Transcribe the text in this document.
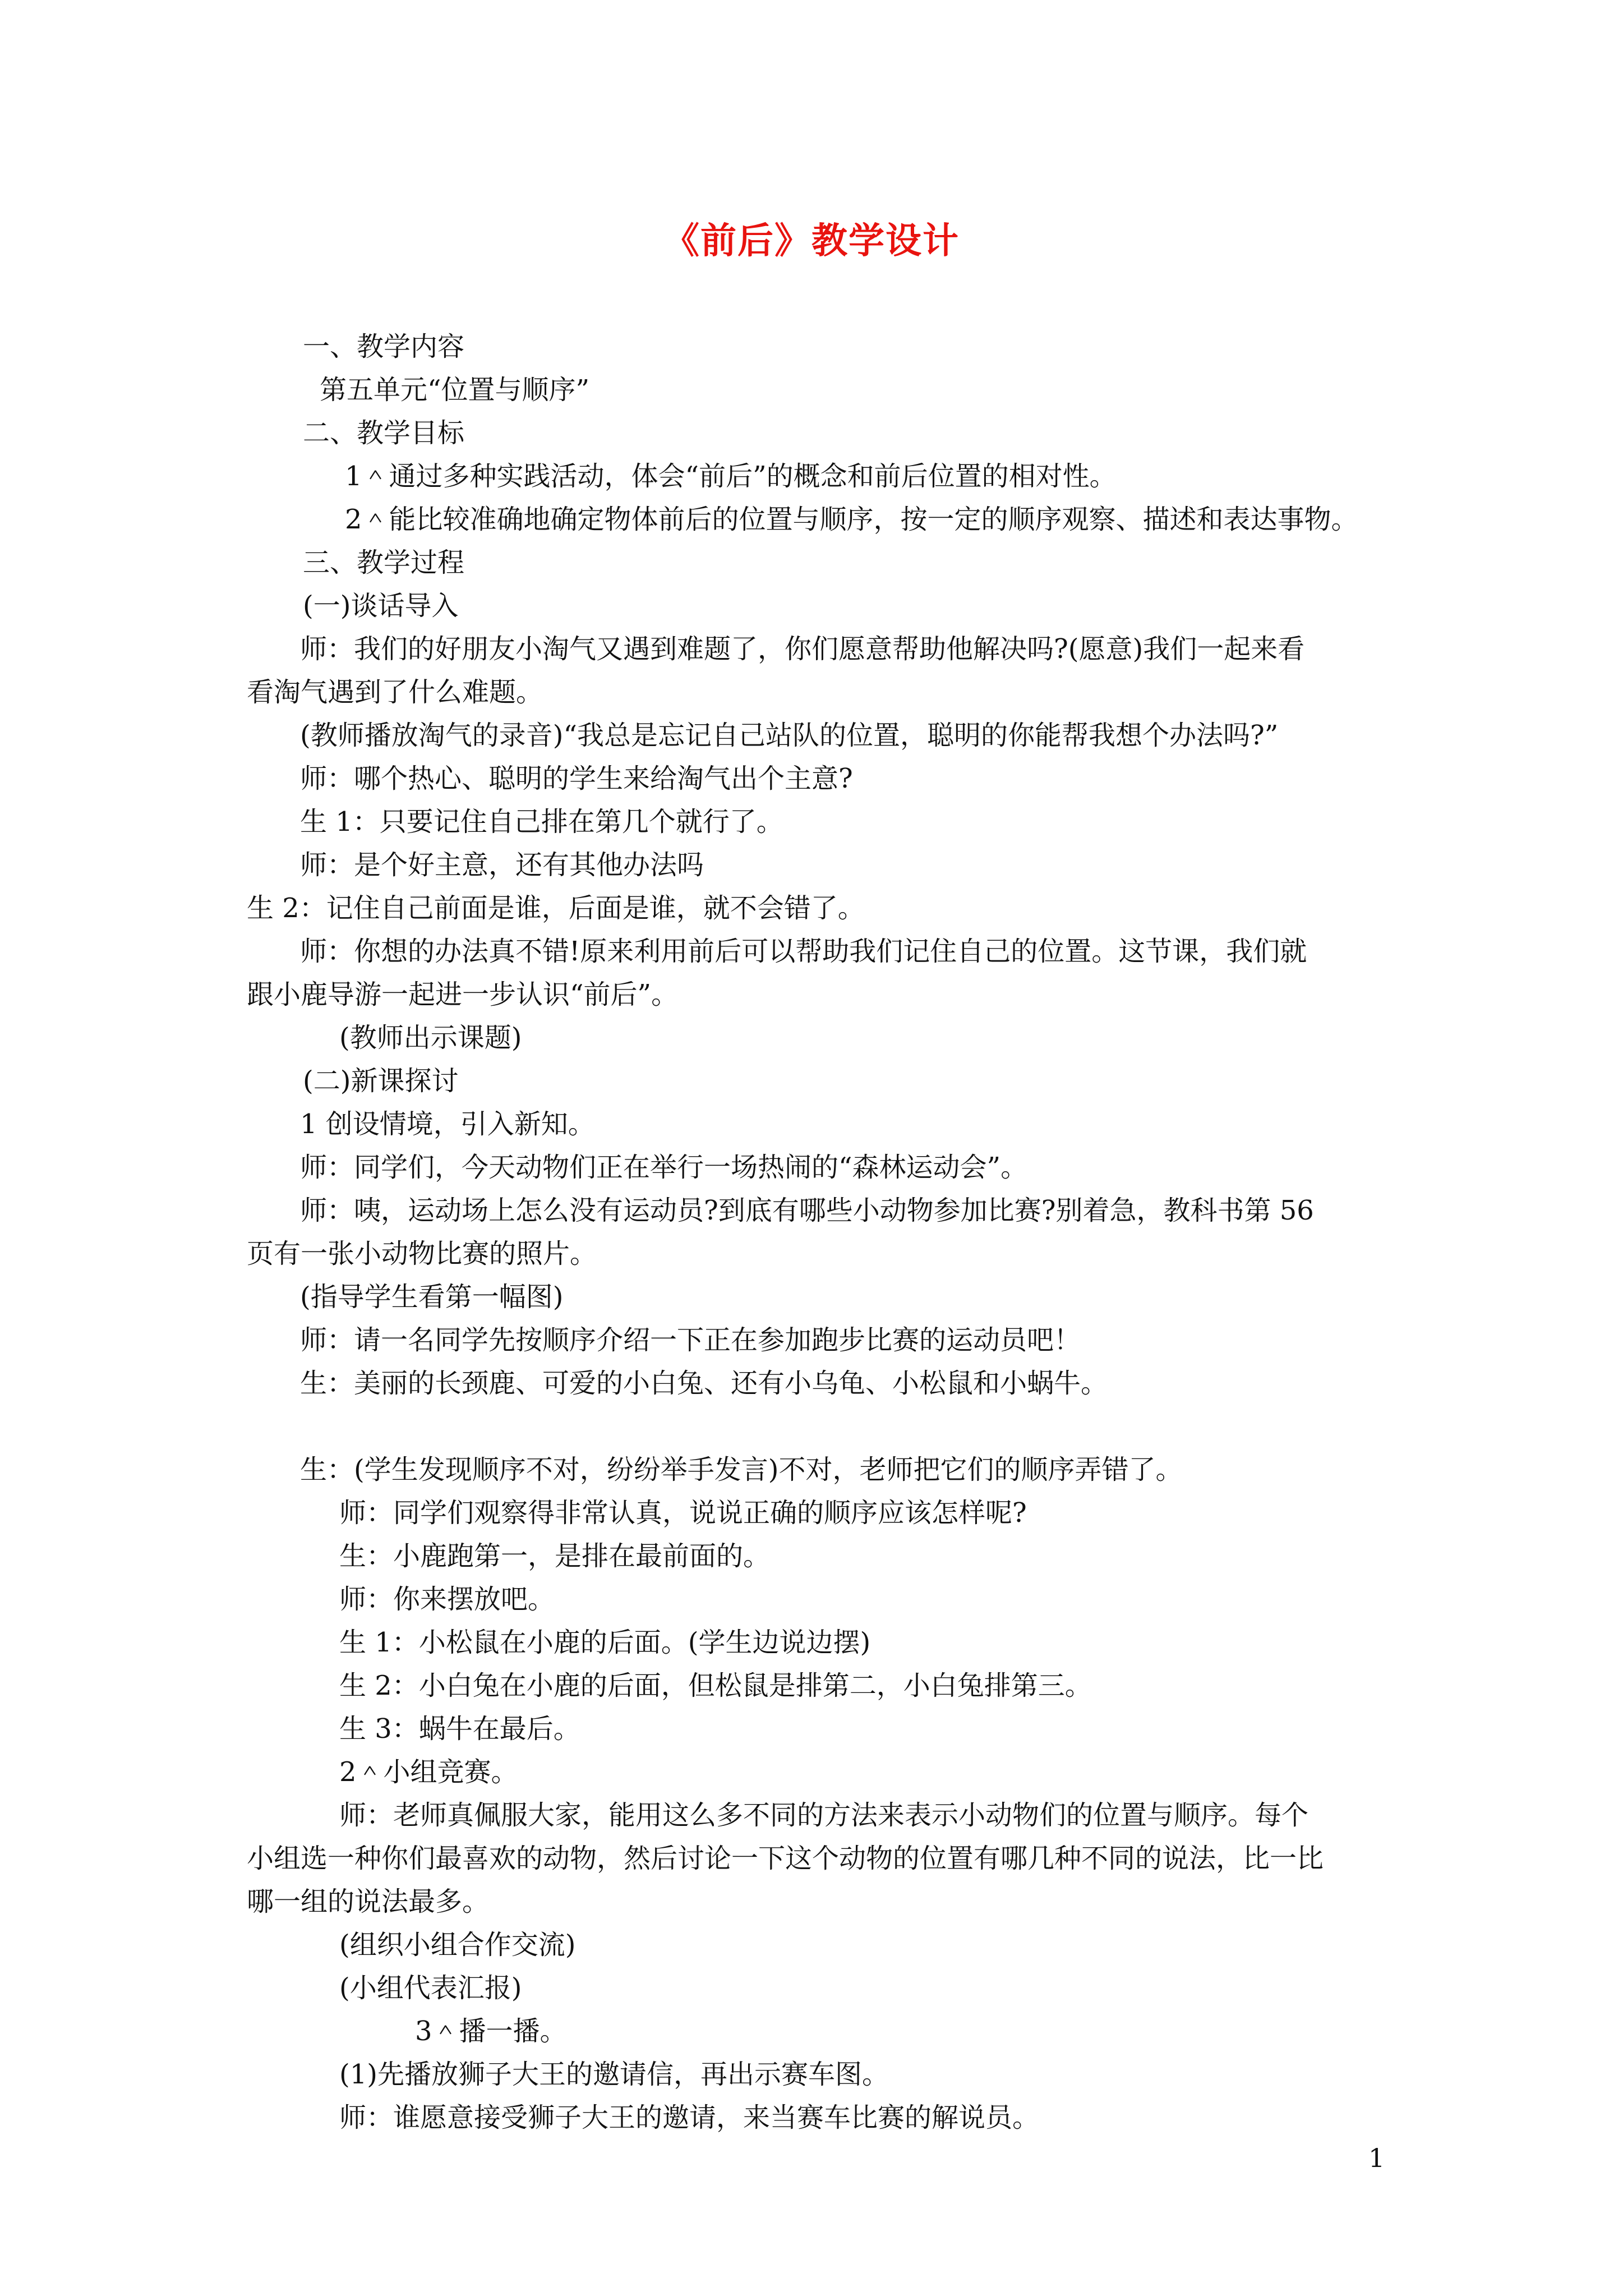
《前后》教学设计
一、教学内容
第五单元“位置与顺序”
二、教学目标
1＾通过多种实践活动，体会“前后”的概念和前后位置的相对性。
2＾能比较准确地确定物体前后的位置与顺序，按一定的顺序观察、描述和表达事物。
三、教学过程
(一)谈话导入
师：我们的好朋友小淘气又遇到难题了，你们愿意帮助他解决吗?(愿意)我们一起来看
看淘气遇到了什么难题。
(教师播放淘气的录音)“我总是忘记自己站队的位置，聪明的你能帮我想个办法吗?”
师：哪个热心、聪明的学生来给淘气出个主意?
生 1：只要记住自己排在第几个就行了。
师：是个好主意，还有其他办法吗
生 2：记住自己前面是谁，后面是谁，就不会错了。
师：你想的办法真不错!原来利用前后可以帮助我们记住自己的位置。这节课，我们就
跟小鹿导游一起进一步认识“前后”。
(教师出示课题)
(二)新课探讨
1 创设情境，引入新知。
师：同学们，今天动物们正在举行一场热闹的“森林运动会”。
师：咦，运动场上怎么没有运动员?到底有哪些小动物参加比赛?别着急，教科书第 56
页有一张小动物比赛的照片。
(指导学生看第一幅图)
师：请一名同学先按顺序介绍一下正在参加跑步比赛的运动员吧！
生：美丽的长颈鹿、可爱的小白兔、还有小乌龟、小松鼠和小蜗牛。
生：(学生发现顺序不对，纷纷举手发言)不对，老师把它们的顺序弄错了。
师：同学们观察得非常认真，说说正确的顺序应该怎样呢?
生：小鹿跑第一，是排在最前面的。
师：你来摆放吧。
生 1：小松鼠在小鹿的后面。(学生边说边摆)
生 2：小白兔在小鹿的后面，但松鼠是排第二，小白兔排第三。
生 3：蜗牛在最后。
2＾小组竞赛。
师：老师真佩服大家，能用这么多不同的方法来表示小动物们的位置与顺序。每个
小组选一种你们最喜欢的动物，然后讨论一下这个动物的位置有哪几种不同的说法，比一比
哪一组的说法最多。
(组织小组合作交流)
(小组代表汇报)
3＾播一播。
(1)先播放狮子大王的邀请信，再出示赛车图。
师：谁愿意接受狮子大王的邀请，来当赛车比赛的解说员。
1
